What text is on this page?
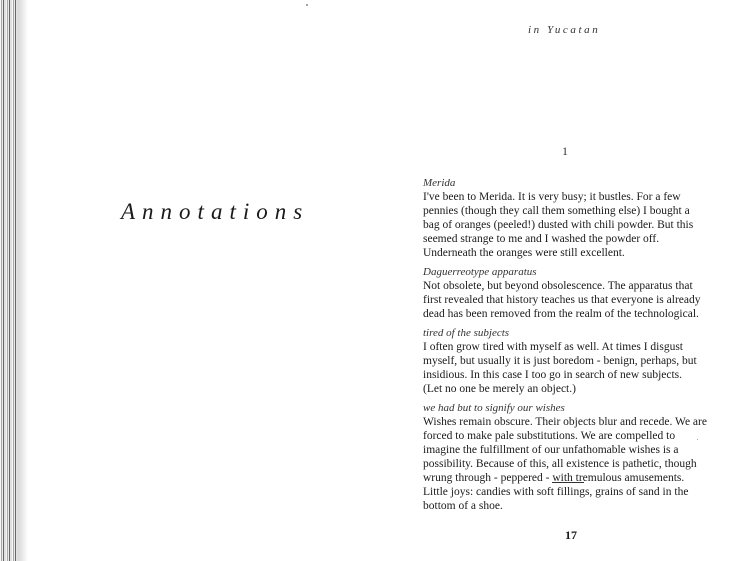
in Yucatan
Annotations
1
Merida
I've been to Merida. It is very busy; it bustles. For a few
pennies (though they call them something else) I bought a
bag of oranges (peeled!) dusted with chili powder. But this
seemed strange to me and I washed the powder off.
Underneath the oranges were still excellent.
Daguerreotype apparatus
Not obsolete, but beyond obsolescence. The apparatus that
first revealed that history teaches us that everyone is already
dead has been removed from the realm of the technological.
tired of the subjects
I often grow tired with myself as well. At times I disgust
myself, but usually it is just boredom - benign, perhaps, but
insidious. In this case I too go in search of new subjects.
(Let no one be merely an object.)
we had but to signify our wishes
Wishes remain obscure. Their objects blur and recede. We are
forced to make pale substitutions. We are compelled to
imagine the fulfillment of our unfathomable wishes is a
possibility. Because of this, all existence is pathetic, though
wrung through - peppered - with tremulous amusements.
Little joys: candies with soft fillings, grains of sand in the
bottom of a shoe.
17
